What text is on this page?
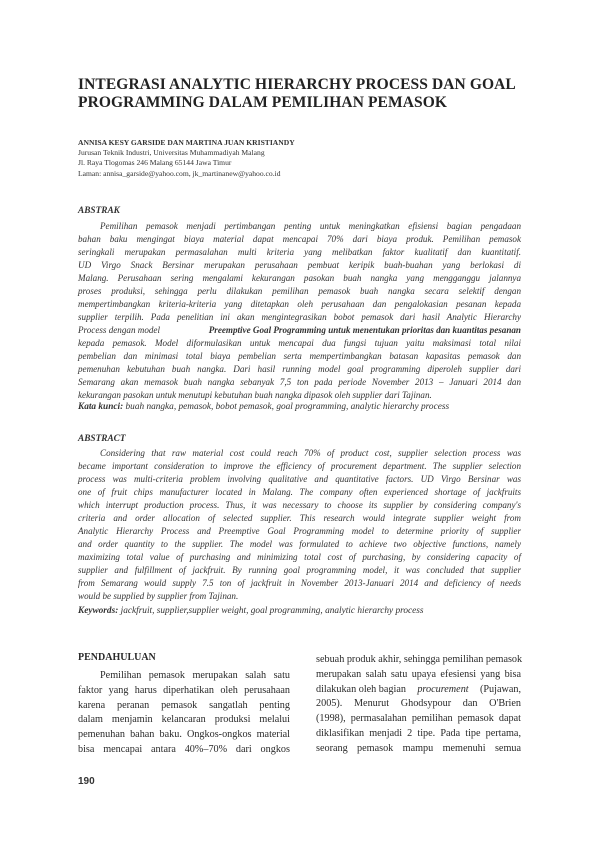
INTEGRASI ANALYTIC HIERARCHY PROCESS DAN GOAL
PROGRAMMING DALAM PEMILIHAN PEMASOK
ANNISA KESY GARSIDE DAN MARTINA JUAN KRISTIANDY
Jurusan Teknik Industri, Universitas Muhammadiyah Malang
Jl. Raya Tlogomas 246 Malang 65144 Jawa Timur
Laman: annisa_garside@yahoo.com, jk_martinanew@yahoo.co.id
ABSTRAK
Pemilihan pemasok menjadi pertimbangan penting untuk meningkatkan efisiensi bagian pengadaan
bahan baku mengingat biaya material dapat mencapai 70% dari biaya produk. Pemilihan pemasok
seringkali merupakan permasalahan multi kriteria yang melibatkan faktor kualitatif dan kuantitatif.
UD Virgo Snack Bersinar merupakan perusahaan pembuat keripik buah-buahan yang berlokasi di
Malang. Perusahaan sering mengalami kekurangan pasokan buah nangka yang mengganggu jalannya
proses produksi, sehingga perlu dilakukan pemilihan pemasok buah nangka secara selektif dengan
mempertimbangkan kriteria-kriteria yang ditetapkan oleh perusahaan dan pengalokasian pesanan kepada
supplier terpilih. Pada penelitian ini akan mengintegrasikan bobot pemasok dari hasil Analytic Hierarchy
Process dengan model	Preemptive Goal Programming untuk menentukan prioritas dan kuantitas pesanan
kepada pemasok. Model diformulasikan untuk mencapai dua fungsi tujuan yaitu maksimasi total nilai
pembelian dan minimasi total biaya pembelian serta mempertimbangkan batasan kapasitas pemasok dan
pemenuhan kebutuhan buah nangka. Dari hasil running model goal programming diperoleh supplier dari
Semarang akan memasok buah nangka sebanyak 7,5 ton pada periode November 2013 – Januari 2014 dan
kekurangan pasokan untuk menutupi kebutuhan buah nangka dipasok oleh supplier dari Tajinan.
Kata kunci: buah nangka, pemasok, bobot pemasok, goal programming, analytic hierarchy process
ABSTRACT
Considering that raw material cost could reach 70% of product cost, supplier selection process was
became important consideration to improve the efficiency of procurement department. The supplier selection
process was multi-criteria problem involving qualitative and quantitative factors. UD Virgo Bersinar was
one of fruit chips manufacturer located in Malang. The company often experienced shortage of jackfruits
which interrupt production process. Thus, it was necessary to choose its supplier by considering company's
criteria and order allocation of selected supplier. This research would integrate supplier weight from
Analytic Hierarchy Process and Preemptive Goal Programming model to determine priority of supplier
and order quantity to the supplier. The model was formulated to achieve two objective functions, namely
maximizing total value of purchasing and minimizing total cost of purchasing, by considering capacity of
supplier and fulfillment of jackfruit. By running goal programming model, it was concluded that supplier
from Semarang would supply 7.5 ton of jackfruit in November 2013-Januari 2014 and deficiency of needs
would be supplied by supplier from Tajinan.
Keywords: jackfruit, supplier,supplier weight, goal programming, analytic hierarchy process
PENDAHULUAN
Pemilihan pemasok merupakan salah satu
faktor yang harus diperhatikan oleh perusahaan
karena peranan pemasok sangatlah penting
dalam menjamin kelancaran produksi melalui
pemenuhan bahan baku. Ongkos-ongkos material
bisa mencapai antara 40%–70% dari ongkos
sebuah produk akhir, sehingga pemilihan pemasok
merupakan salah satu upaya efesiensi yang bisa
dilakukan oleh bagian procurement (Pujawan,
2005). Menurut Ghodsypour dan O'Brien
(1998), permasalahan pemilihan pemasok dapat
diklasifikan menjadi 2 tipe. Pada tipe pertama,
seorang pemasok mampu memenuhi semua
190
